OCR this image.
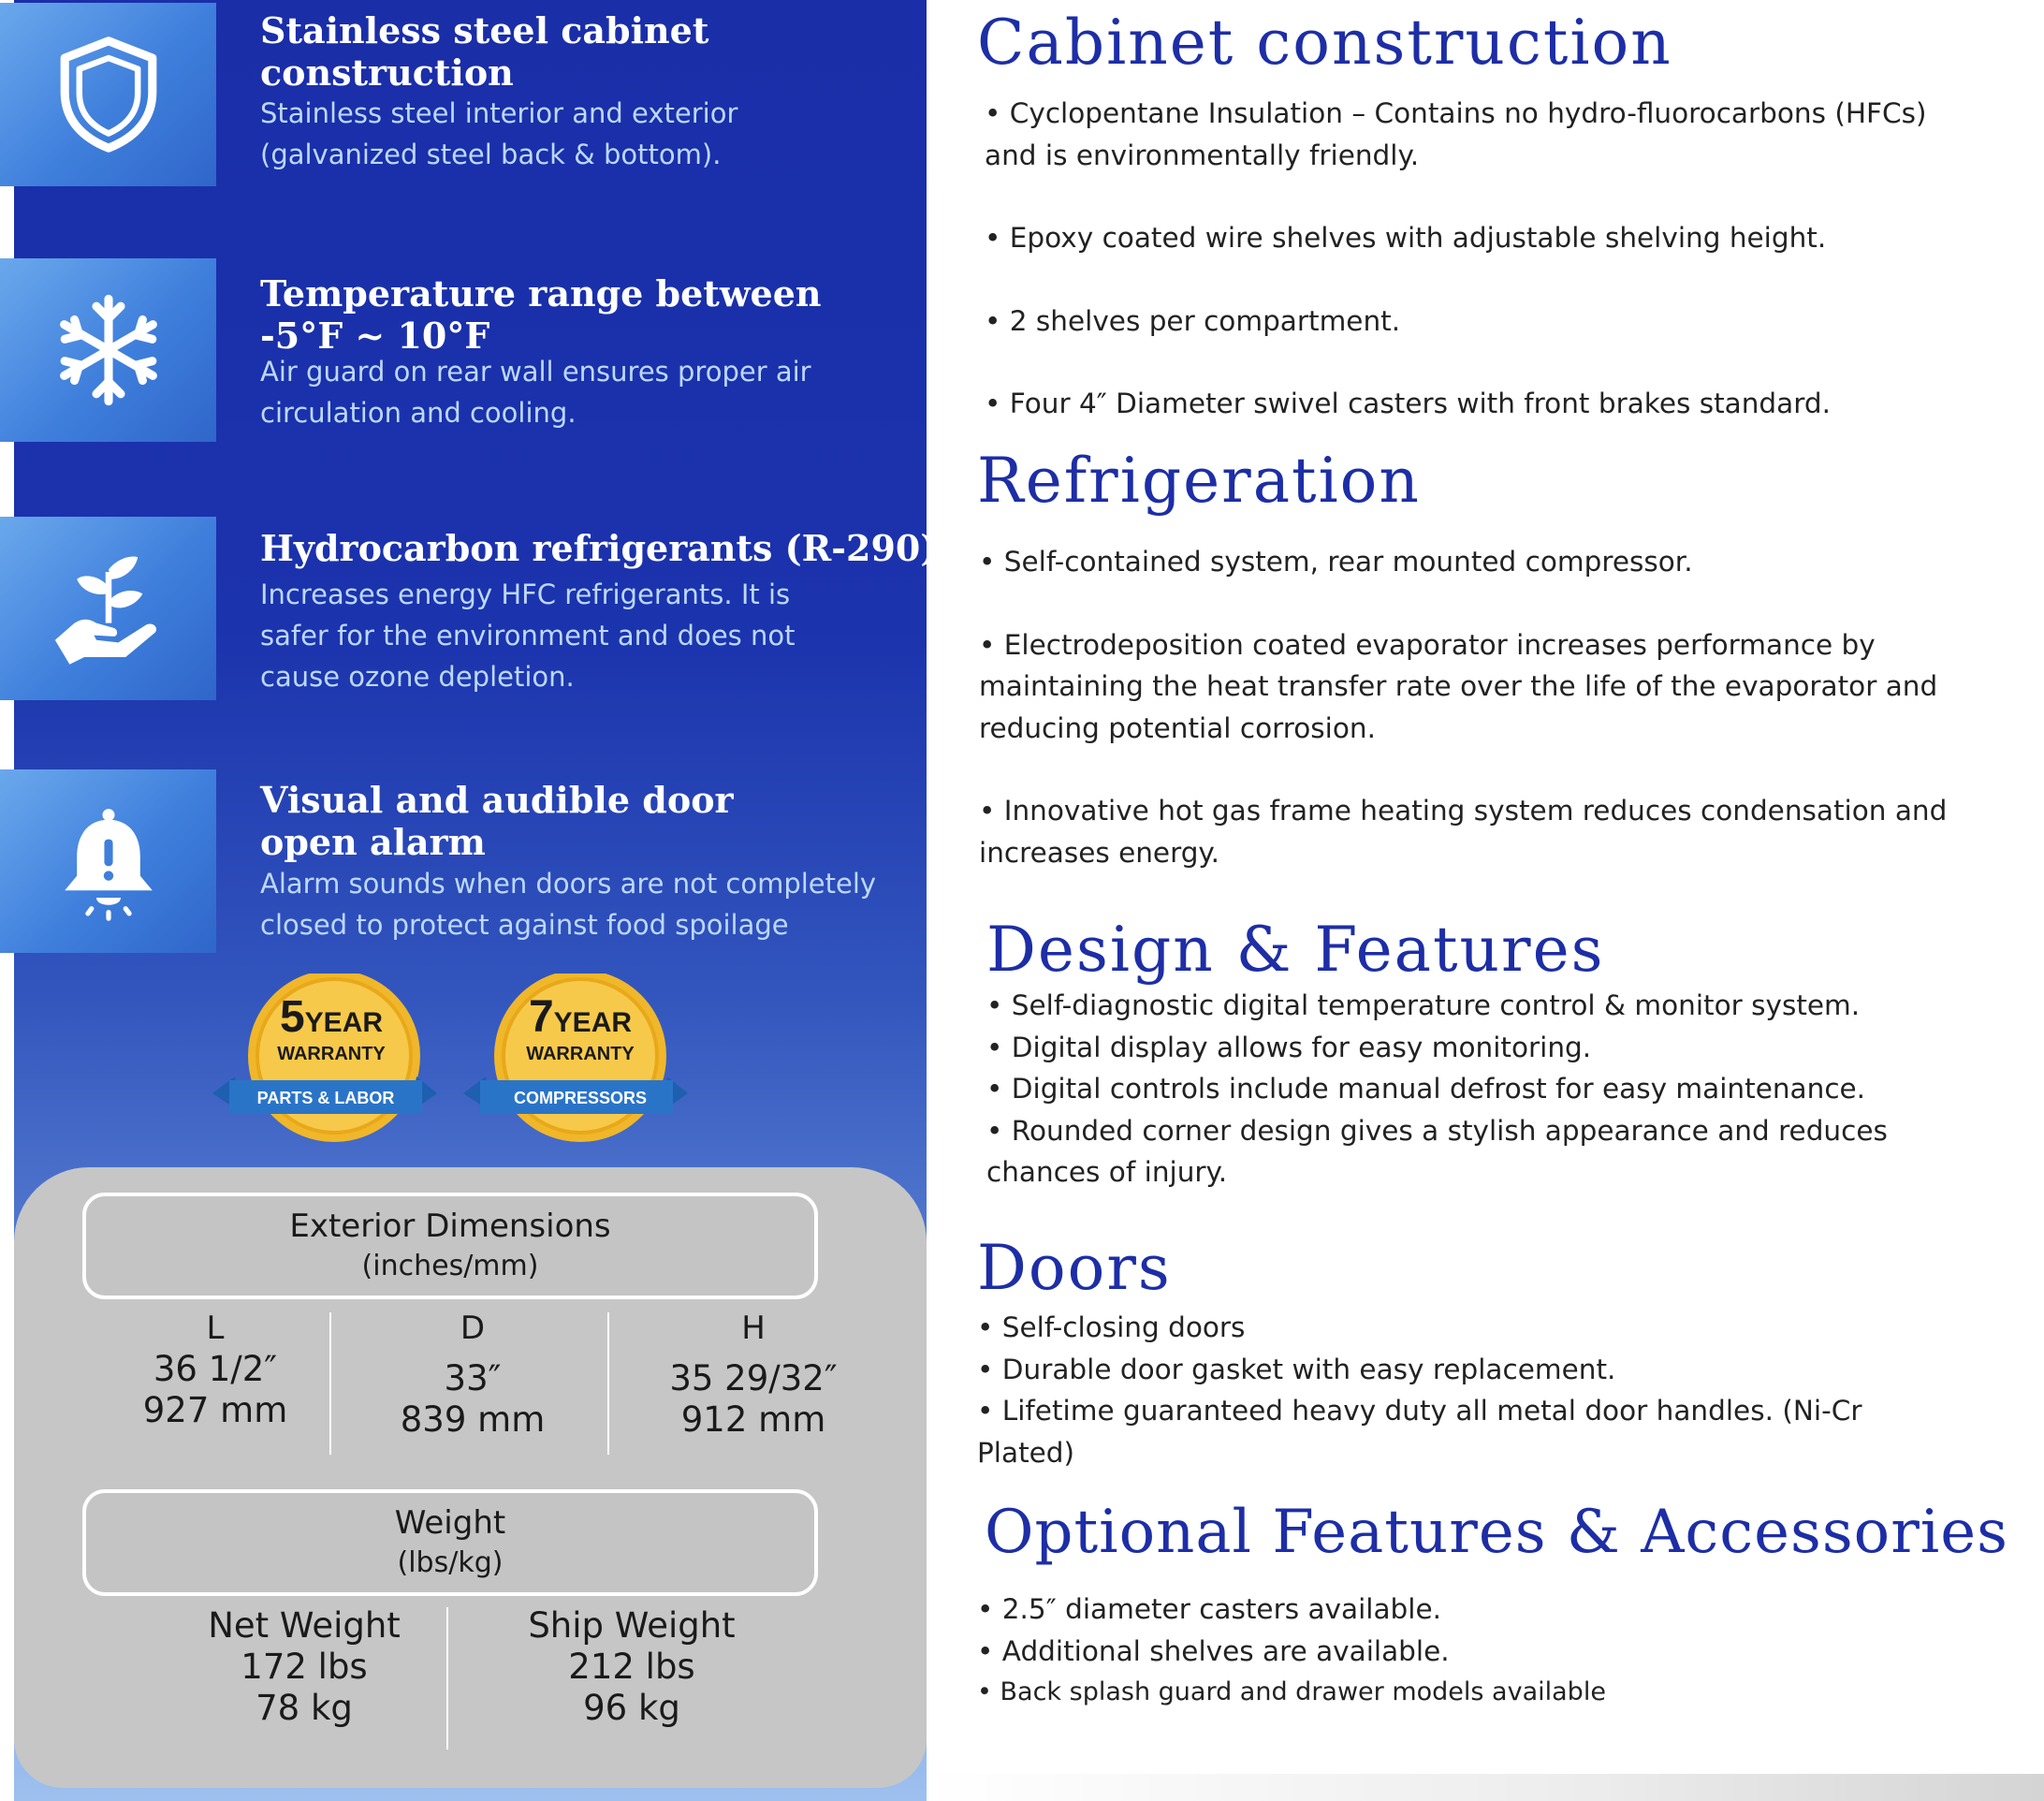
Stainless steel cabinet
construction
Stainless steel interior and exterior
(galvanized steel back & bottom).
Temperature range between
-5°F ~ 10°F
Air guard on rear wall ensures proper air
circulation and cooling.
Hydrocarbon refrigerants (R-290)
Increases energy HFC refrigerants. It is
safer for the environment and does not
cause ozone depletion.
Visual and audible door
open alarm
Alarm sounds when doors are not completely
closed to protect against food spoilage
5YEAR
WARRANTY
PARTS & LABOR
7YEAR
WARRANTY
COMPRESSORS
Exterior Dimensions
(inches/mm)
L
36 1/2″
927 mm
D
33″
839 mm
H
35 29/32″
912 mm
Weight
(lbs/kg)
Net Weight
172 lbs
78 kg
Ship Weight
212 lbs
96 kg
Cabinet construction
• Cyclopentane Insulation – Contains no hydro-fluorocarbons (HFCs)
and is environmentally friendly.
• Epoxy coated wire shelves with adjustable shelving height.
• 2 shelves per compartment.
• Four 4″ Diameter swivel casters with front brakes standard.
Refrigeration
• Self-contained system, rear mounted compressor.
• Electrodeposition coated evaporator increases performance by
maintaining the heat transfer rate over the life of the evaporator and
reducing potential corrosion.
• Innovative hot gas frame heating system reduces condensation and
increases energy.
Design & Features
• Self-diagnostic digital temperature control & monitor system.
• Digital display allows for easy monitoring.
• Digital controls include manual defrost for easy maintenance.
• Rounded corner design gives a stylish appearance and reduces
chances of injury.
Doors
• Self-closing doors
• Durable door gasket with easy replacement.
• Lifetime guaranteed heavy duty all metal door handles. (Ni-Cr
Plated)
Optional Features & Accessories
• 2.5″ diameter casters available.
• Additional shelves are available.
• Back splash guard and drawer models available
